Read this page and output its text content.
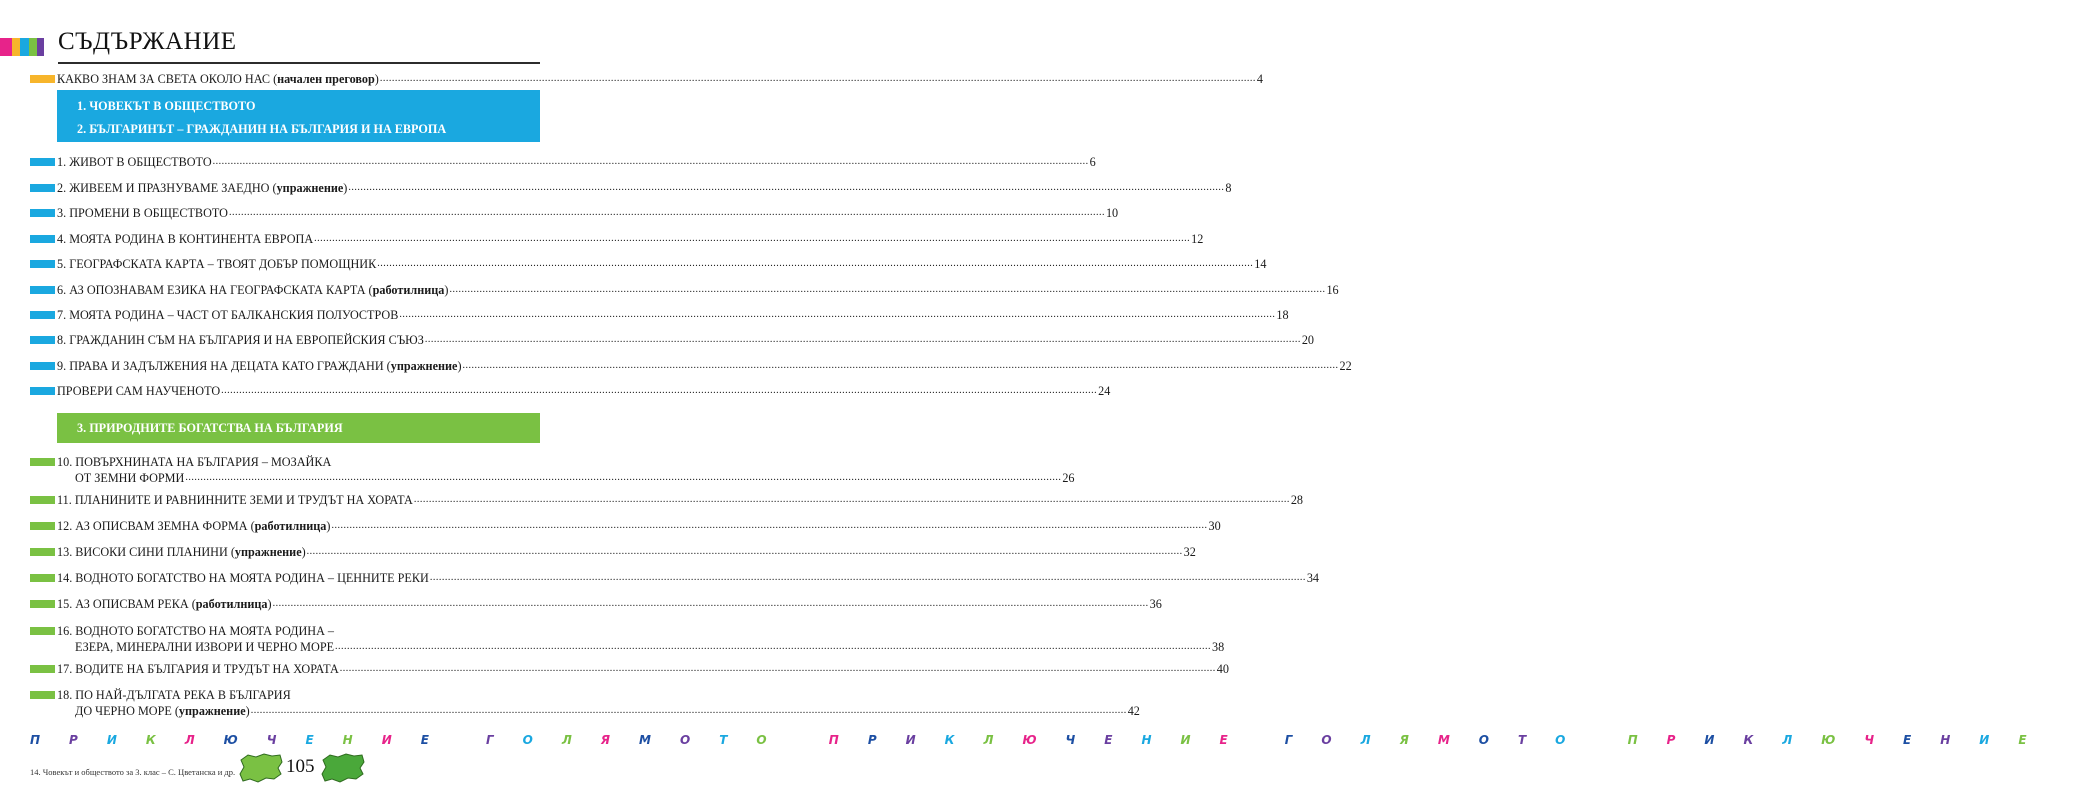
СЪДЪРЖАНИЕ
КАКВО ЗНАМ ЗА СВЕТА ОКОЛО НАС (начален преговор) .....	4
1. ЧОВЕКЪТ В ОБЩЕСТВОТО
2. БЪЛГАРИНЪТ – ГРАЖДАНИН НА БЪЛГАРИЯ И НА ЕВРОПА
1. ЖИВОТ В ОБЩЕСТВОТО .....	6
2. ЖИВЕЕМ И ПРАЗНУВАМЕ ЗАЕДНО (упражнение) .....	8
3. ПРОМЕНИ В ОБЩЕСТВОТО .....	10
4. МОЯТА РОДИНА В КОНТИНЕНТА ЕВРОПА .....	12
5. ГЕОГРАФСКАТА КАРТА – ТВОЯТ ДОБЪР ПОМОЩНИК .....	14
6. АЗ ОПОЗНАВАМ ЕЗИКА НА ГЕОГРАФСКАТА КАРТА (работилница) .....	16
7. МОЯТА РОДИНА – ЧАСТ ОТ БАЛКАНСКИЯ ПОЛУОСТРОВ .....	18
8. ГРАЖДАНИН СЪМ НА БЪЛГАРИЯ И НА ЕВРОПЕЙСКИЯ СЪЮЗ .....	20
9. ПРАВА И ЗАДЪЛЖЕНИЯ НА ДЕЦАТА КАТО ГРАЖДАНИ (упражнение) .....	22
ПРОВЕРИ САМ НАУЧЕНОТО .....	24
3. ПРИРОДНИТЕ БОГАТСТВА НА БЪЛГАРИЯ
10. ПОВЪРХНИНАТА НА БЪЛГАРИЯ – МОЗАЙКА
ОТ ЗЕМНИ ФОРМИ .....	26
11. ПЛАНИНИТЕ И РАВНИННИТЕ ЗЕМИ И ТРУДЪТ НА ХОРАТА .....	28
12. АЗ ОПИСВАМ ЗЕМНА ФОРМА (работилница) .....	30
13. ВИСОКИ СИНИ ПЛАНИНИ (упражнение) .....	32
14. ВОДНОТО БОГАТСТВО НА МОЯТА РОДИНА – ЦЕННИТЕ РЕКИ .....	34
15. АЗ ОПИСВАМ РЕКА (работилница) .....	36
16. ВОДНОТО БОГАТСТВО НА МОЯТА РОДИНА –
ЕЗЕРА, МИНЕРАЛНИ ИЗВОРИ И ЧЕРНО МОРЕ .....	38
17. ВОДИТЕ НА БЪЛГАРИЯ И ТРУДЪТ НА ХОРАТА .....	40
18. ПО НАЙ-ДЪЛГАТА РЕКА В БЪЛГАРИЯ
ДО ЧЕРНО МОРЕ (упражнение) .....	42
П Р И К Л Ю Ч Е Н И Е	Г О Л Я М О Т О	П Р И К Л Ю Ч Е Н И Е	Г О Л Я М О Т О	П Р И К Л Ю Ч Е Н И Е
14. Човекът и обществото за 3. клас – С. Цветанска и др.	105
